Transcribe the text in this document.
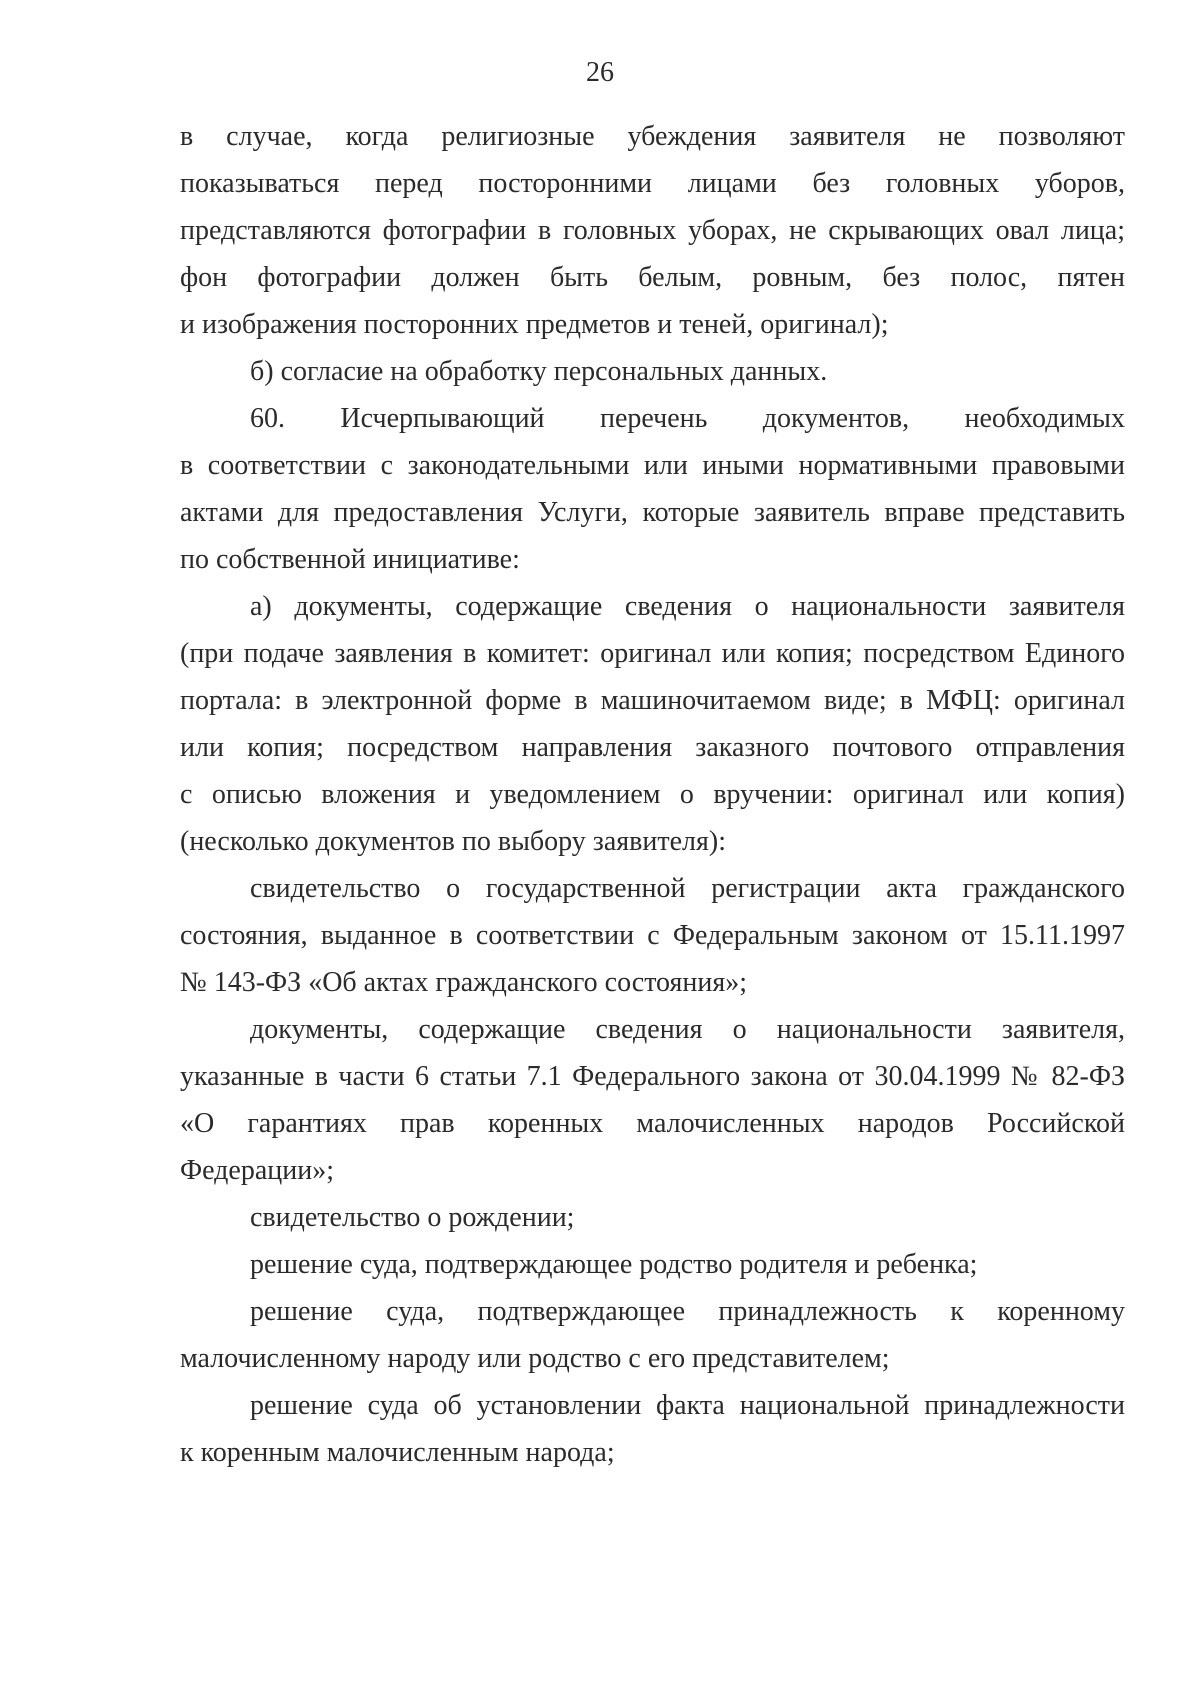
26
в случае, когда религиозные убеждения заявителя не позволяют
показываться перед посторонними лицами без головных уборов,
представляются фотографии в головных уборах, не скрывающих овал лица;
фон фотографии должен быть белым, ровным, без полос, пятен
и изображения посторонних предметов и теней, оригинал);
б) согласие на обработку персональных данных.
60. Исчерпывающий перечень документов, необходимых
в соответствии с законодательными или иными нормативными правовыми
актами для предоставления Услуги, которые заявитель вправе представить
по собственной инициативе:
а) документы, содержащие сведения о национальности заявителя
(при подаче заявления в комитет: оригинал или копия; посредством Единого
портала: в электронной форме в машиночитаемом виде; в МФЦ: оригинал
или копия; посредством направления заказного почтового отправления
с описью вложения и уведомлением о вручении: оригинал или копия)
(несколько документов по выбору заявителя):
свидетельство о государственной регистрации акта гражданского
состояния, выданное в соответствии с Федеральным законом от 15.11.1997
№ 143-ФЗ «Об актах гражданского состояния»;
документы, содержащие сведения о национальности заявителя,
указанные в части 6 статьи 7.1 Федерального закона от 30.04.1999 № 82-ФЗ
«О гарантиях прав коренных малочисленных народов Российской
Федерации»;
свидетельство о рождении;
решение суда, подтверждающее родство родителя и ребенка;
решение суда, подтверждающее принадлежность к коренному
малочисленному народу или родство с его представителем;
решение суда об установлении факта национальной принадлежности
к коренным малочисленным народа;
